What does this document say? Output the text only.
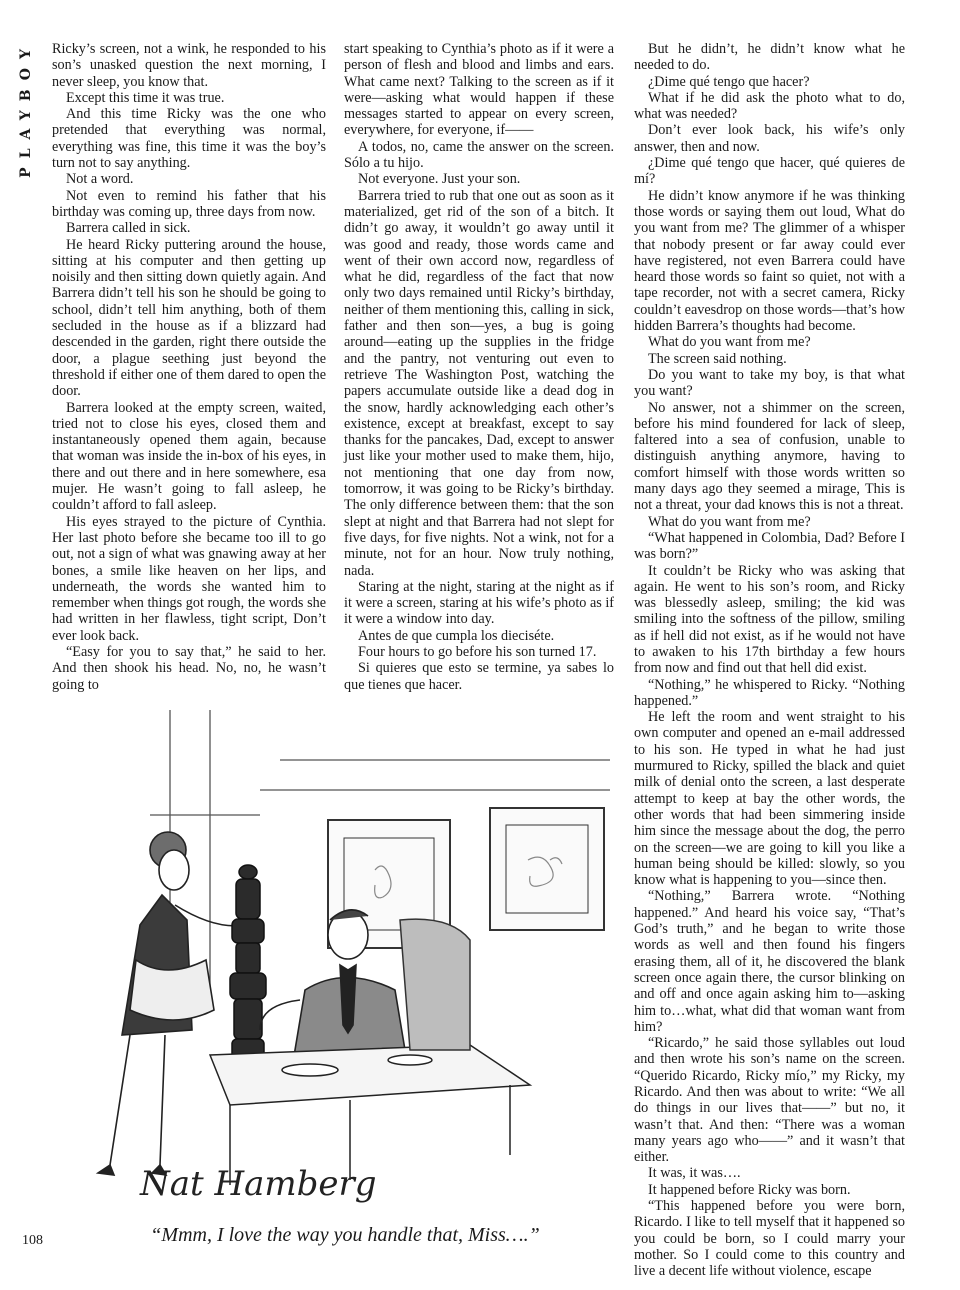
PLAYBOY Ricky’s screen, not a wink, he responded to his son’s unasked question the next morning, I never sleep, you know that.

Except this time it was true.

And this time Ricky was the one who pretended that everything was normal, everything was fine, this time it was the boy’s turn not to say anything.

Not a word.

Not even to remind his father that his birthday was coming up, three days from now.

Barrera called in sick.

He heard Ricky puttering around the house, sitting at his computer and then getting up noisily and then sitting down quietly again. And Barrera didn’t tell his son he should be going to school, didn’t tell him anything, both of them secluded in the house as if a blizzard had descended in the garden, right there outside the door, a plague seething just beyond the threshold if either one of them dared to open the door.

Barrera looked at the empty screen, waited, tried not to close his eyes, closed them and instantaneously opened them again, because that woman was inside the in-box of his eyes, in there and out there and in here somewhere, esa mujer. He wasn’t going to fall asleep, he couldn’t afford to fall asleep.

His eyes strayed to the picture of Cynthia. Her last photo before she became too ill to go out, not a sign of what was gnawing away at her bones, a smile like heaven on her lips, and underneath, the words she wanted him to remember when things got rough, the words she had written in her flawless, tight script, Don’t ever look back.

“Easy for you to say that,” he said to her. And then shook his head. No, no, he wasn’t going to

start speaking to Cynthia’s photo as if it were a person of flesh and blood and limbs and ears. What came next? Talking to the screen as if it were—asking what would happen if these messages started to appear on every screen, everywhere, for everyone, if——

A todos, no, came the answer on the screen. Sólo a tu hijo.

Not everyone. Just your son.

Barrera tried to rub that one out as soon as it materialized, get rid of the son of a bitch. It didn’t go away, it wouldn’t go away until it was good and ready, those words came and went of their own accord now, regardless of what he did, regardless of the fact that now only two days remained until Ricky’s birthday, neither of them mentioning this, calling in sick, father and then son—yes, a bug is going around—eating up the supplies in the fridge and the pantry, not venturing out even to retrieve The Washington Post, watching the papers accumulate outside like a dead dog in the snow, hardly acknowledging each other’s existence, except at breakfast, except to say thanks for the pancakes, Dad, except to answer just like your mother used to make them, hijo, not mentioning that one day from now, tomorrow, it was going to be Ricky’s birthday. The only difference between them: that the son slept at night and that Barrera had not slept for five days, for five nights. Not a wink, not for a minute, not for an hour. Now truly nothing, nada.

Staring at the night, staring at the night as if it were a screen, staring at his wife’s photo as if it were a window into day.

Antes de que cumpla los dieciséte.

Four hours to go before his son turned 17.

Si quieres que esto se termine, ya sabes lo que tienes que hacer.

But he didn’t, he didn’t know what he needed to do.

¿Dime qué tengo que hacer?

What if he did ask the photo what to do, what was needed?

Don’t ever look back, his wife’s only answer, then and now.

¿Dime qué tengo que hacer, qué quieres de mí?

He didn’t know anymore if he was thinking those words or saying them out loud, What do you want from me? The glimmer of a whisper that nobody present or far away could ever have registered, not even Barrera could have heard those words so faint so quiet, not with a tape recorder, not with a secret camera, Ricky couldn’t eavesdrop on those words—that’s how hidden Barrera’s thoughts had become.

What do you want from me?

The screen said nothing.

Do you want to take my boy, is that what you want?

No answer, not a shimmer on the screen, before his mind foundered for lack of sleep, faltered into a sea of confusion, unable to distinguish anything anymore, having to comfort himself with those words written so many days ago they seemed a mirage, This is not a threat, your dad knows this is not a threat.

What do you want from me?

“What happened in Colombia, Dad? Before I was born?”

It couldn’t be Ricky who was asking that again. He went to his son’s room, and Ricky was blessedly asleep, smiling; the kid was smiling into the softness of the pillow, smiling as if hell did not exist, as if he would not have to awaken to his 17th birthday a few hours from now and find out that hell did exist.

“Nothing,” he whispered to Ricky. “Nothing happened.”

He left the room and went straight to his own computer and opened an e-mail addressed to his son. He typed in what he had just murmured to Ricky, spilled the black and quiet milk of denial onto the screen, a last desperate attempt to keep at bay the other words, the other words that had been simmering inside him since the message about the dog, the perro on the screen—we are going to kill you like a human being should be killed: slowly, so you know what is happening to you—since then.

“Nothing,” Barrera wrote. “Nothing happened.” And heard his voice say, “That’s God’s truth,” and he began to write those words as well and then found his fingers erasing them, all of it, he discovered the blank screen once again there, the cursor blinking on and off and once again asking him to—asking him to…what, what did that woman want from him?

“Ricardo,” he said those syllables out loud and then wrote his son’s name on the screen. “Querido Ricardo, Ricky mío,” my Ricky, my Ricardo. And then was about to write: “We all do things in our lives that——” but no, it wasn’t that. And then: “There was a woman many years ago who——” and it wasn’t that either.

It was, it was….

It happened before Ricky was born.

“This happened before you were born, Ricardo. I like to tell myself that it happened so you could be born, so I could marry your mother. So I could come to this country and live a decent life without violence, escape

Nat Hamberg
“Mmm, I love the way you handle that, Miss….”
108
